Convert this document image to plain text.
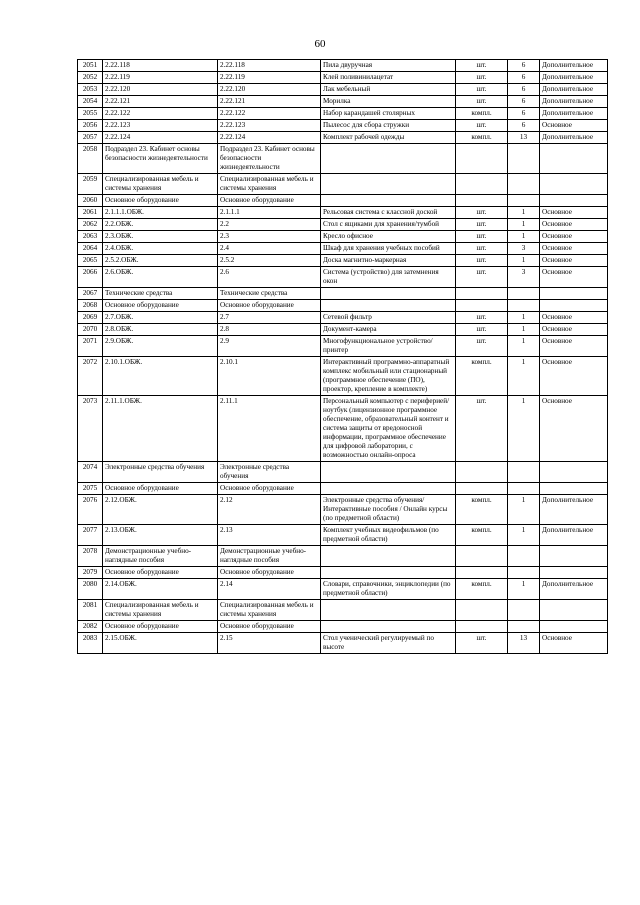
60
2051	2.22.118	2.22.118	Пила двуручная	шт.	6	Дополнительное
2052	2.22.119	2.22.119	Клей поливинилацетат	шт.	6	Дополнительное
2053	2.22.120	2.22.120	Лак мебельный	шт.	6	Дополнительное
2054	2.22.121	2.22.121	Морилка	шт.	6	Дополнительное
2055	2.22.122	2.22.122	Набор карандашей столярных	компл.	6	Дополнительное
2056	2.22.123	2.22.123	Пылесос для сбора стружки	шт.	6	Основное
2057	2.22.124	2.22.124	Комплект рабочей одежды	компл.	13	Дополнительное
2058	Подраздел 23. Кабинет основы безопасности жизнедеятельности	Подраздел 23. Кабинет основы безопасности жизнедеятельности				
2059	Специализированная мебель и системы хранения	Специализированная мебель и системы хранения				
2060	Основное оборудование	Основное оборудование				
2061	2.1.1.1.ОБЖ.	2.1.1.1	Рельсовая система с классной доской	шт.	1	Основное
2062	2.2.ОБЖ.	2.2	Стол с ящиками для хранения/тумбой	шт.	1	Основное
2063	2.3.ОБЖ.	2.3	Кресло офисное	шт.	1	Основное
2064	2.4.ОБЖ.	2.4	Шкаф для хранения учебных пособий	шт.	3	Основное
2065	2.5.2.ОБЖ.	2.5.2	Доска магнитно-маркерная	шт.	1	Основное
2066	2.6.ОБЖ.	2.6	Система (устройство) для затемнения окон	шт.	3	Основное
2067	Технические средства	Технические средства				
2068	Основное оборудование	Основное оборудование				
2069	2.7.ОБЖ.	2.7	Сетевой фильтр	шт.	1	Основное
2070	2.8.ОБЖ.	2.8	Документ-камера	шт.	1	Основное
2071	2.9.ОБЖ.	2.9	Многофункциональное устройство/принтер	шт.	1	Основное
2072	2.10.1.ОБЖ.	2.10.1	Интерактивный программно-аппаратный комплекс мобильный или стационарный (программное обеспечение (ПО), проектор, крепление в комплекте)	компл.	1	Основное
2073	2.11.1.ОБЖ.	2.11.1	Персональный компьютер с периферией/ноутбук (лицензионное программное обеспечение, образовательный контент и система защиты от вредоносной информации, программное обеспечение для цифровой лаборатории, с возможностью онлайн-опроса	шт.	1	Основное
2074	Электронные средства обучения	Электронные средства обучения				
2075	Основное оборудование	Основное оборудование				
2076	2.12.ОБЖ.	2.12	Электронные средства обучения/Интерактивные пособия / Онлайн курсы (по предметной области)	компл.	1	Дополнительное
2077	2.13.ОБЖ.	2.13	Комплект учебных видеофильмов (по предметной области)	компл.	1	Дополнительное
2078	Демонстрационные учебно-наглядные пособия	Демонстрационные учебно-наглядные пособия				
2079	Основное оборудование	Основное оборудование				
2080	2.14.ОБЖ.	2.14	Словари, справочники, энциклопедии (по предметной области)	компл.	1	Дополнительное
2081	Специализированная мебель и системы хранения	Специализированная мебель и системы хранения				
2082	Основное оборудование	Основное оборудование				
2083	2.15.ОБЖ.	2.15	Стол ученический регулируемый по высоте	шт.	13	Основное
